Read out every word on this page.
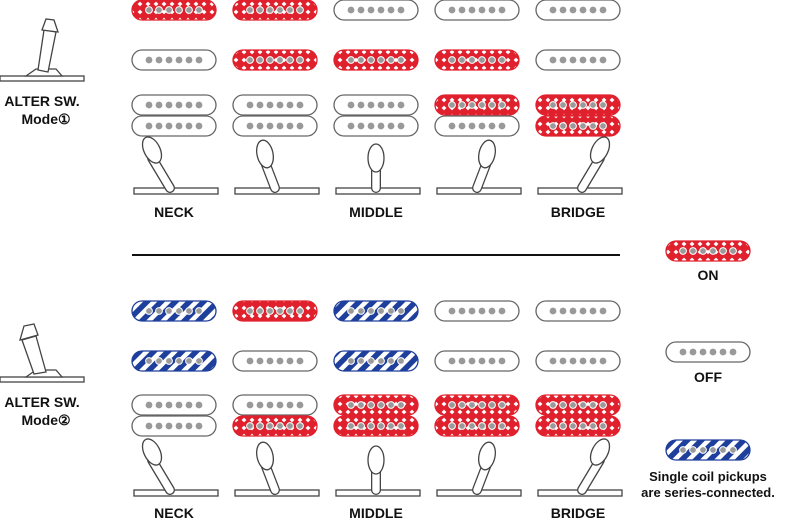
ALTER SW.
Mode①
ALTER SW.
Mode②
NECK	MIDDLE	BRIDGE
NECK	MIDDLE	BRIDGE
ON
OFF
Single coil pickups
are series-connected.
